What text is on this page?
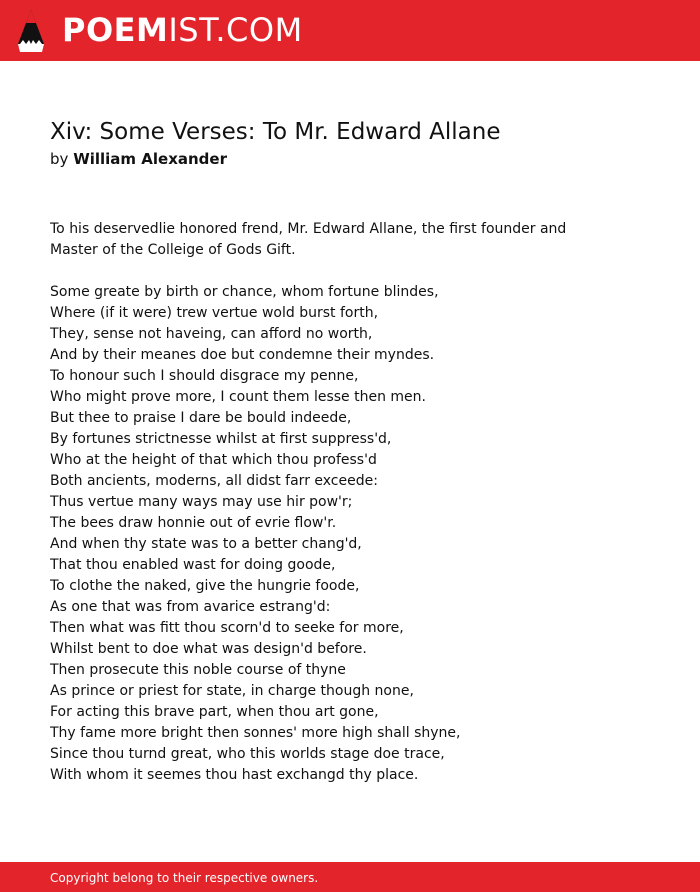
POEMIST.COM
Xiv: Some Verses: To Mr. Edward Allane
by William Alexander
To his deservedlie honored frend, Mr. Edward Allane, the first founder and
Master of the Colleige of Gods Gift.
Some greate by birth or chance, whom fortune blindes,
Where (if it were) trew vertue wold burst forth,
They, sense not haveing, can afford no worth,
And by their meanes doe but condemne their myndes.
To honour such I should disgrace my penne,
Who might prove more, I count them lesse then men.
But thee to praise I dare be bould indeede,
By fortunes strictnesse whilst at first suppress'd,
Who at the height of that which thou profess'd
Both ancients, moderns, all didst farr exceede:
Thus vertue many ways may use hir pow'r;
The bees draw honnie out of evrie flow'r.
And when thy state was to a better chang'd,
That thou enabled wast for doing goode,
To clothe the naked, give the hungrie foode,
As one that was from avarice estrang'd:
Then what was fitt thou scorn'd to seeke for more,
Whilst bent to doe what was design'd before.
Then prosecute this noble course of thyne
As prince or priest for state, in charge though none,
For acting this brave part, when thou art gone,
Thy fame more bright then sonnes' more high shall shyne,
Since thou turnd great, who this worlds stage doe trace,
With whom it seemes thou hast exchangd thy place.
Copyright belong to their respective owners.
